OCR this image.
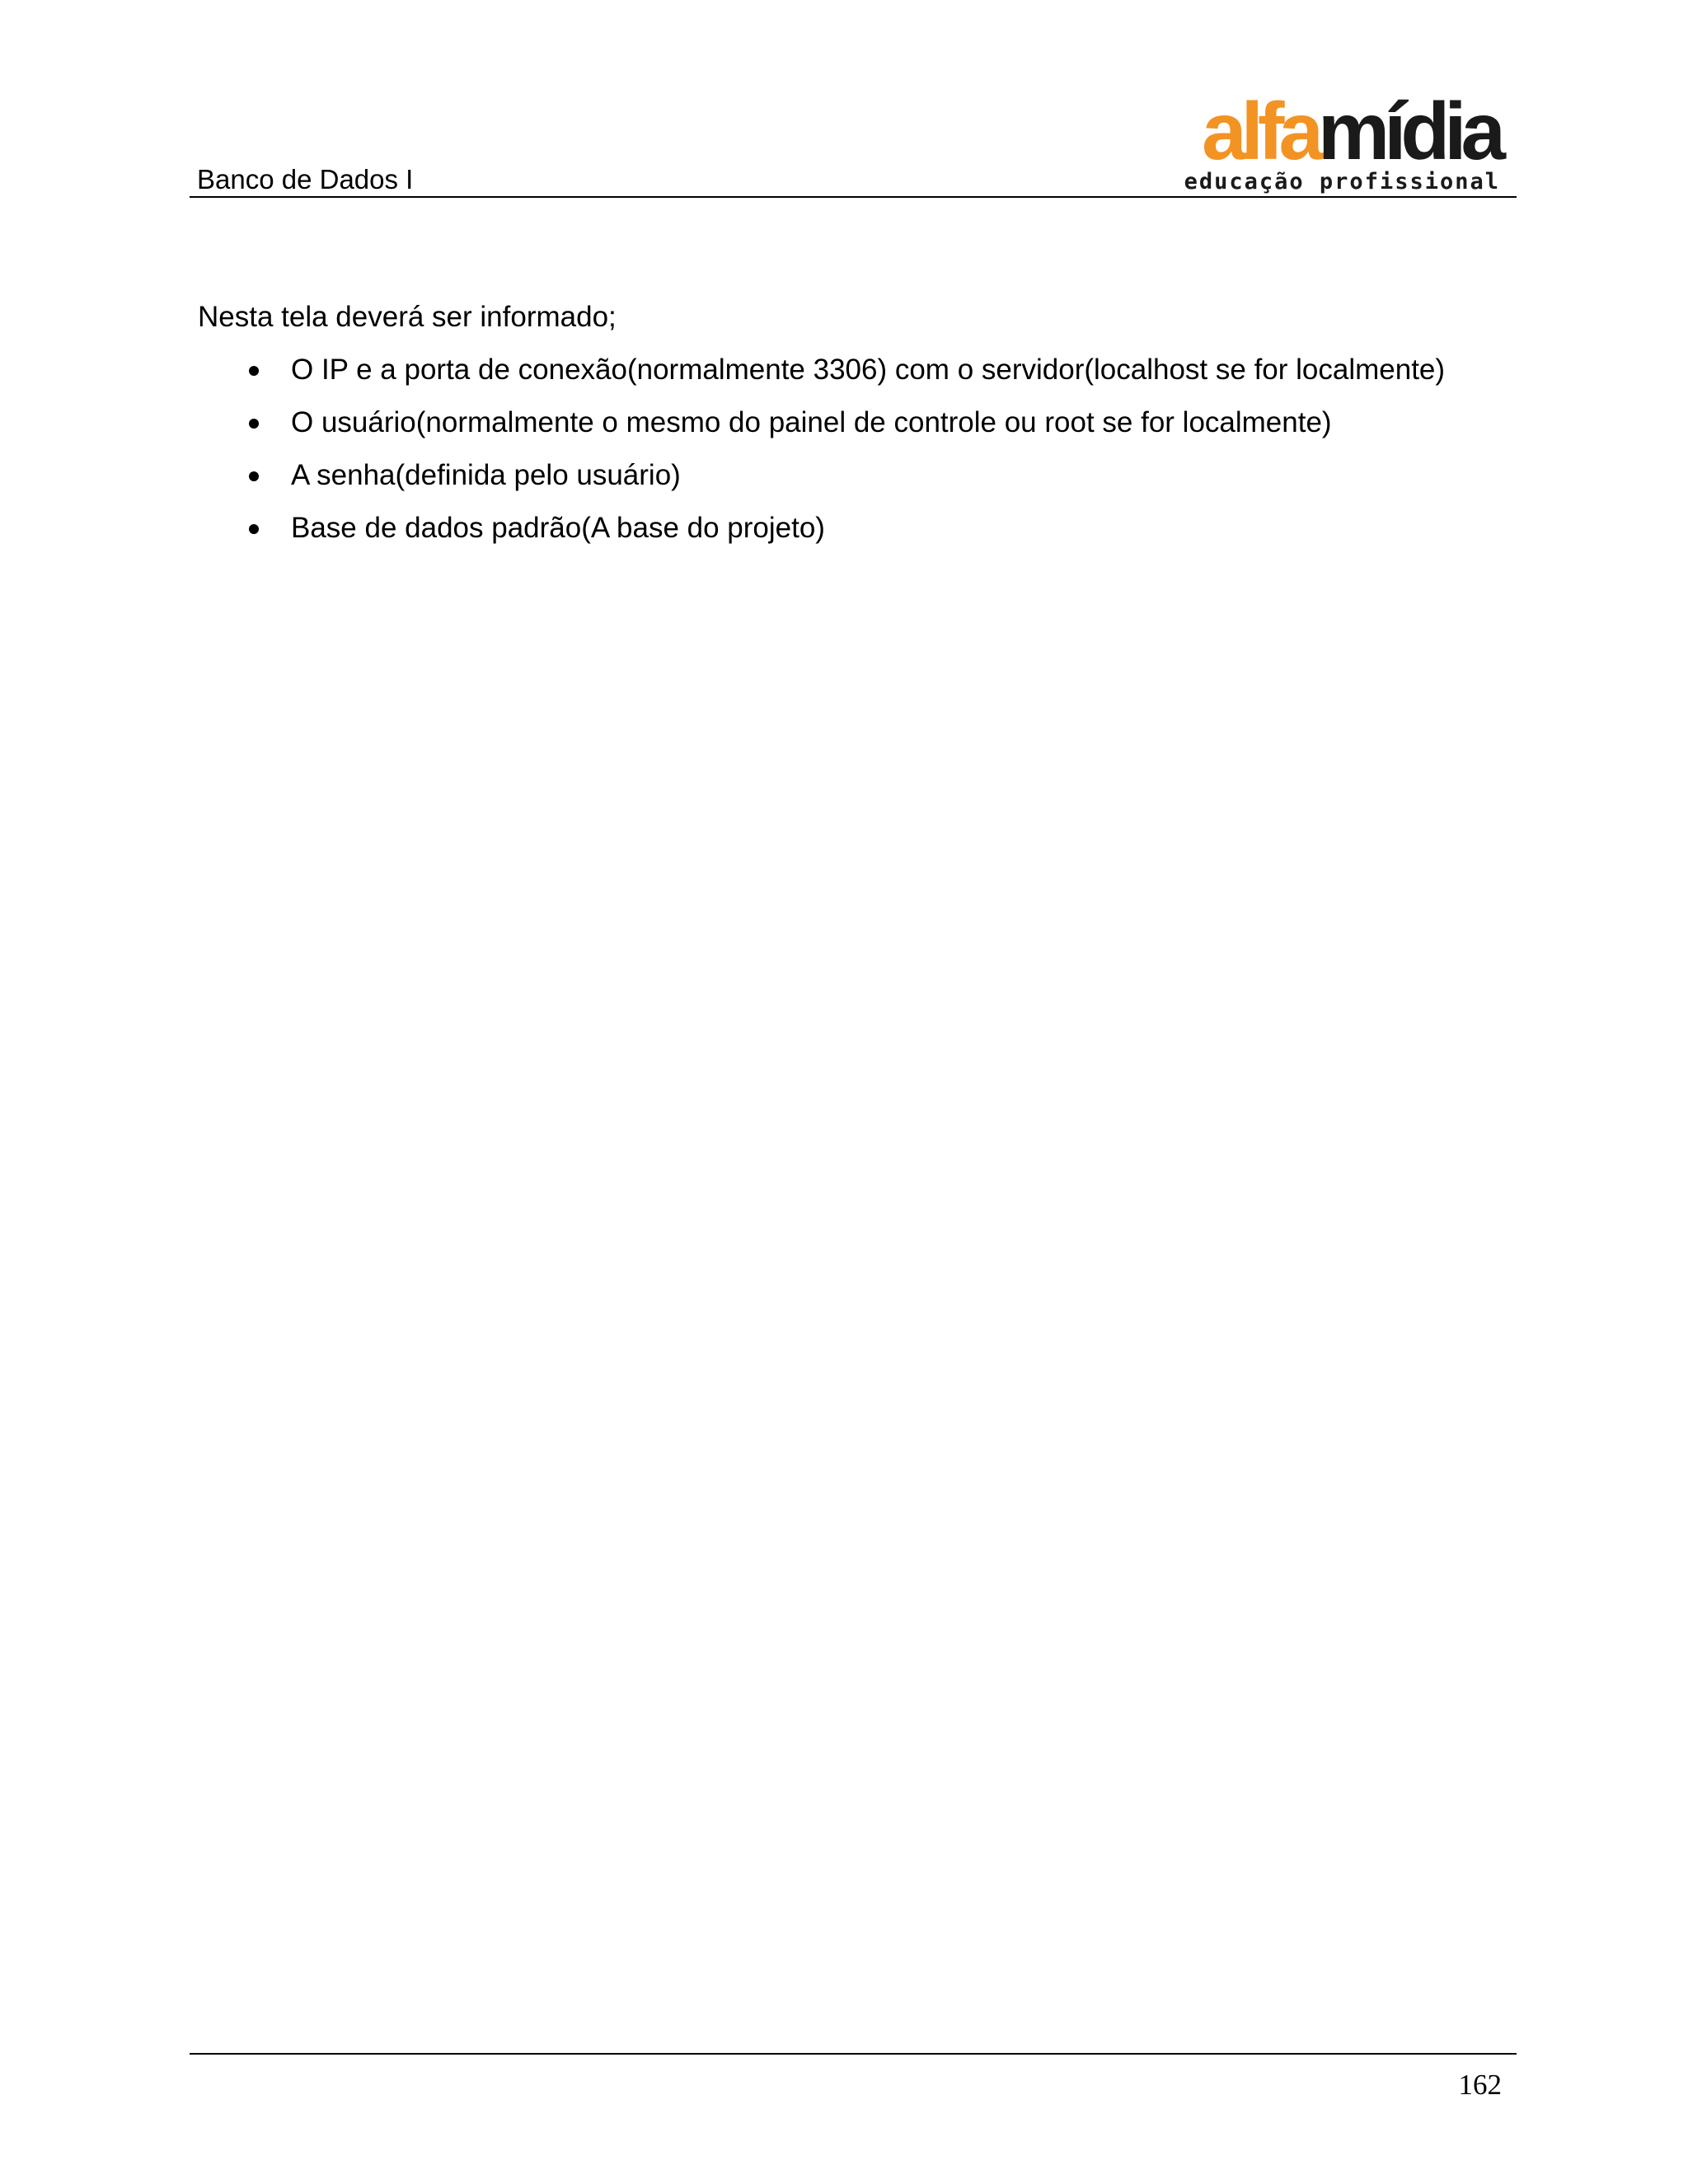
Banco de Dados I
alfamídia
educação profissional

Nesta tela deverá ser informado;

O IP e a porta de conexão(normalmente 3306) com o servidor(localhost se for localmente)
O usuário(normalmente o mesmo do painel de controle ou root se for localmente)
A senha(definida pelo usuário)
Base de dados padrão(A base do projeto)
162
